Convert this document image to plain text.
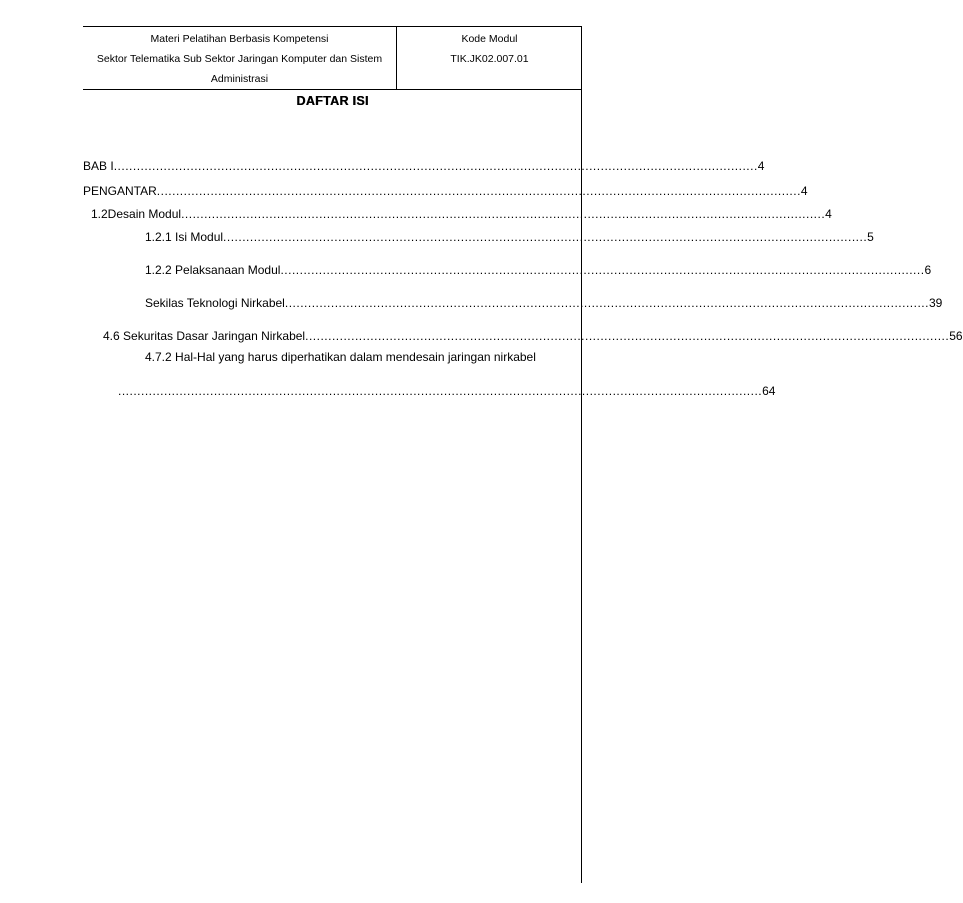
Materi Pelatihan Berbasis Kompetensi
Sektor Telematika Sub Sektor Jaringan Komputer dan Sistem
Administrasi
Kode Modul
TIK.JK02.007.01
DAFTAR ISI
BAB I ........................................................................................................................................................................ 4
PENGANTAR ........................................................................................................................................................................ 4
1.2Desain Modul ........................................................................................................................................................................ 4
1.2.1 Isi Modul ........................................................................................................................................................................ 5
1.2.2 Pelaksanaan Modul ........................................................................................................................................................................ 6
Sekilas Teknologi Nirkabel ........................................................................................................................................................................ 39
4.6 Sekuritas Dasar Jaringan Nirkabel ........................................................................................................................................................................ 56
4.7.2 Hal-Hal yang harus diperhatikan dalam mendesain jaringan nirkabel
........................................................................................................................................................................ 64
